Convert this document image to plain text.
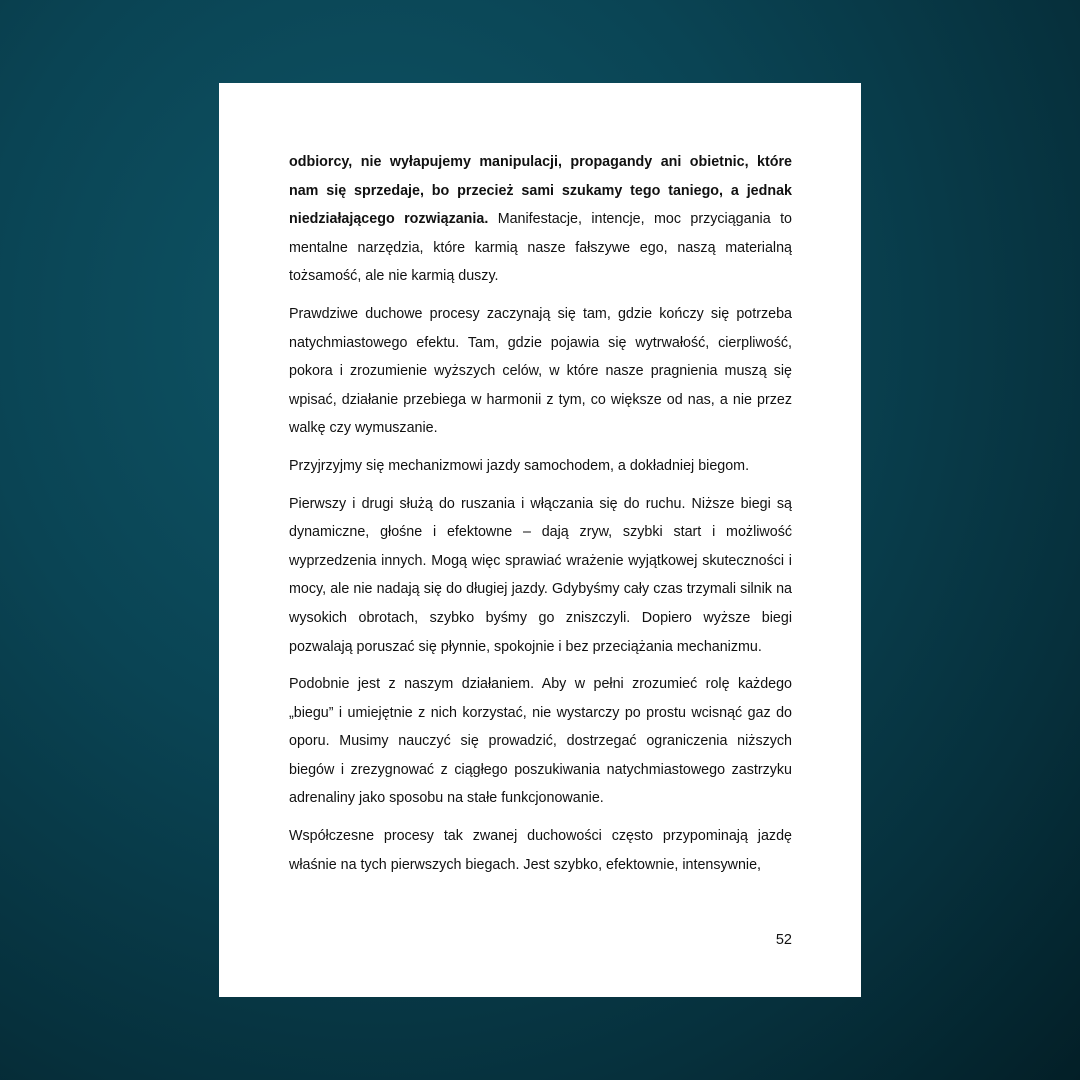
odbiorcy, nie wyłapujemy manipulacji, propagandy ani obietnic, które nam się sprzedaje, bo przecież sami szukamy tego taniego, a jednak niedziałającego rozwiązania. Manifestacje, intencje, moc przyciągania to mentalne narzędzia, które karmią nasze fałszywe ego, naszą materialną tożsamość, ale nie karmią duszy.

Prawdziwe duchowe procesy zaczynają się tam, gdzie kończy się potrzeba natychmiastowego efektu. Tam, gdzie pojawia się wytrwałość, cierpliwość, pokora i zrozumienie wyższych celów, w które nasze pragnienia muszą się wpisać, działanie przebiega w harmonii z tym, co większe od nas, a nie przez walkę czy wymuszanie.

Przyjrzyjmy się mechanizmowi jazdy samochodem, a dokładniej biegom.

Pierwszy i drugi służą do ruszania i włączania się do ruchu. Niższe biegi są dynamiczne, głośne i efektowne – dają zryw, szybki start i możliwość wyprzedzenia innych. Mogą więc sprawiać wrażenie wyjątkowej skuteczności i mocy, ale nie nadają się do długiej jazdy. Gdybyśmy cały czas trzymali silnik na wysokich obrotach, szybko byśmy go zniszczyli. Dopiero wyższe biegi pozwalają poruszać się płynnie, spokojnie i bez przeciążania mechanizmu.

Podobnie jest z naszym działaniem. Aby w pełni zrozumieć rolę każdego „biegu” i umiejętnie z nich korzystać, nie wystarczy po prostu wcisnąć gaz do oporu. Musimy nauczyć się prowadzić, dostrzegać ograniczenia niższych biegów i zrezygnować z ciągłego poszukiwania natychmiastowego zastrzyku adrenaliny jako sposobu na stałe funkcjonowanie.

Współczesne procesy tak zwanej duchowości często przypominają jazdę właśnie na tych pierwszych biegach. Jest szybko, efektownie, intensywnie,

52
